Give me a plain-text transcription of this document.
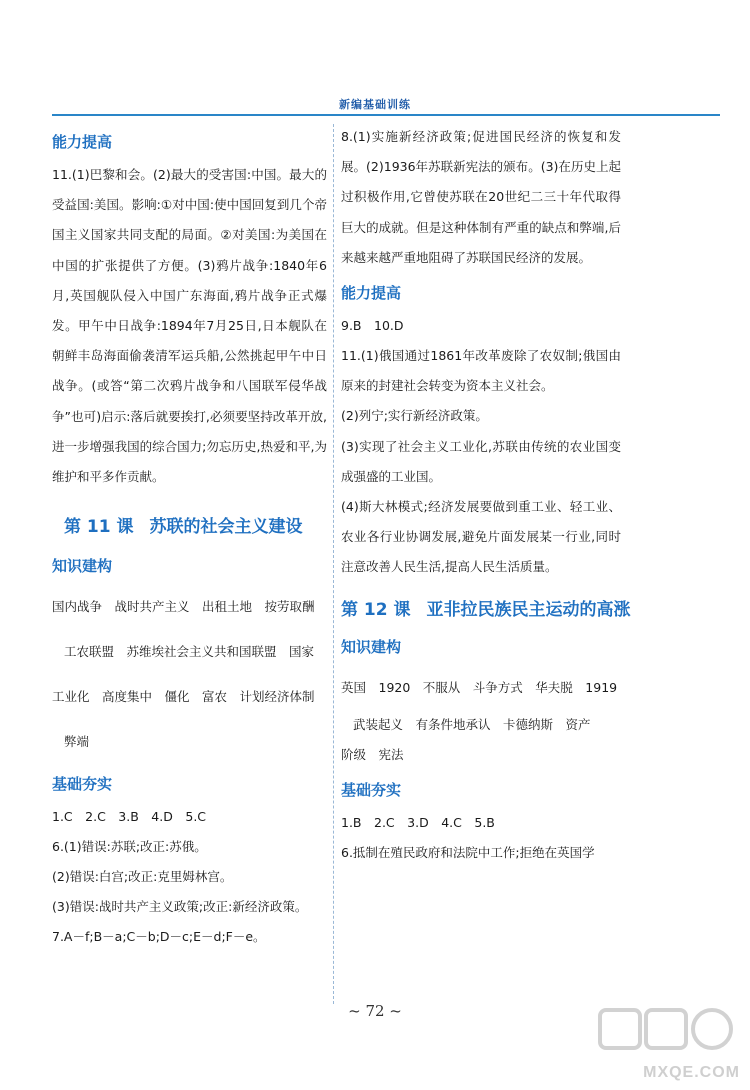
新编基础训练
能力提高

11.(1)巴黎和会。(2)最大的受害国:中国。最大的受益国:美国。影响:①对中国:使中国回复到几个帝国主义国家共同支配的局面。②对美国:为美国在中国的扩张提供了方便。(3)鸦片战争:1840年6月,英国舰队侵入中国广东海面,鸦片战争正式爆发。甲午中日战争:1894年7月25日,日本舰队在朝鲜丰岛海面偷袭清军运兵船,公然挑起甲午中日战争。(或答“第二次鸦片战争和八国联军侵华战争”也可)启示:落后就要挨打,必须要坚持改革开放,进一步增强我国的综合国力;勿忘历史,热爱和平,为维护和平多作贡献。

第 11 课 苏联的社会主义建设
知识建构

国内战争　战时共产主义　出租土地　按劳取酬

工农联盟　苏维埃社会主义共和国联盟　国家

工业化　高度集中　僵化　富农　计划经济体制

弊端

基础夯实

1.C　2.C　3.B　4.D　5.C

6.(1)错误:苏联;改正:苏俄。

(2)错误:白宫;改正:克里姆林宫。

(3)错误:战时共产主义政策;改正:新经济政策。

7.A－f;B－a;C－b;D－c;E－d;F－e。

8.(1)实施新经济政策;促进国民经济的恢复和发展。(2)1936年苏联新宪法的颁布。(3)在历史上起过积极作用,它曾使苏联在20世纪二三十年代取得巨大的成就。但是这种体制有严重的缺点和弊端,后来越来越严重地阻碍了苏联国民经济的发展。

能力提高

9.B　10.D

11.(1)俄国通过1861年改革废除了农奴制;俄国由原来的封建社会转变为资本主义社会。

(2)列宁;实行新经济政策。

(3)实现了社会主义工业化,苏联由传统的农业国变成强盛的工业国。

(4)斯大林模式;经济发展要做到重工业、轻工业、农业各行业协调发展,避免片面发展某一行业,同时注意改善人民生活,提高人民生活质量。

第 12 课 亚非拉民族民主运动的高涨
知识建构

英国　1920　不服从　斗争方式　华夫脱　1919

武装起义　有条件地承认　卡德纳斯　资产

阶级　宪法

基础夯实

1.B　2.C　3.D　4.C　5.B

6.抵制在殖民政府和法院中工作;拒绝在英国学

~ 72 ~
MXQE.COM
